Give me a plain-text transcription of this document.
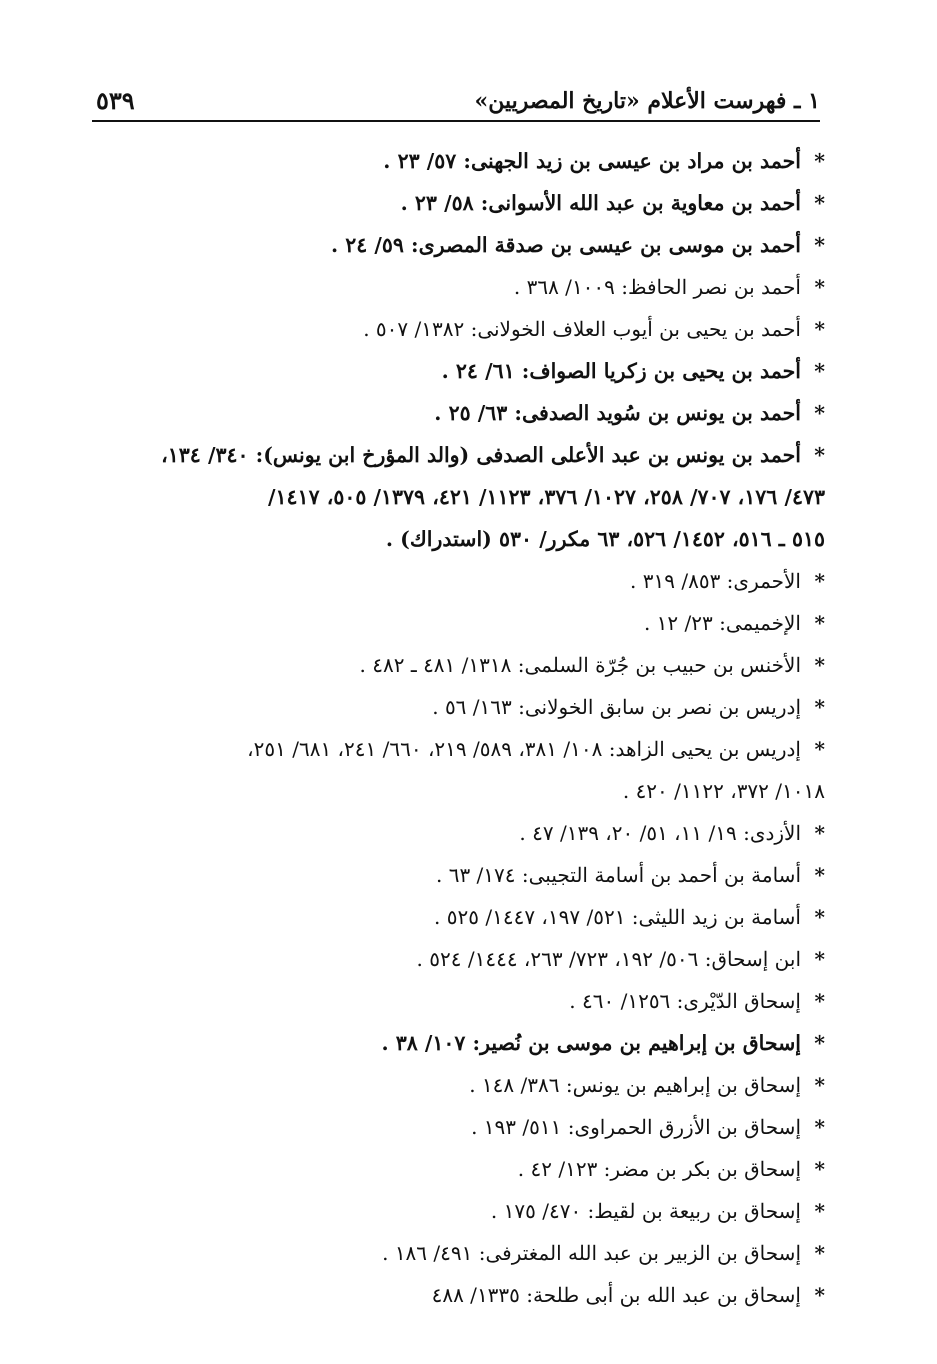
١ ـ فهرست الأعلام «تاريخ المصريين»
٥٣٩

*
أحمد بن مراد بن عيسى بن زيد الجهنى: ٥٧/ ٢٣ .

*
أحمد بن معاوية بن عبد الله الأسوانى: ٥٨/ ٢٣ .

*
أحمد بن موسى بن عيسى بن صدقة المصرى: ٥٩/ ٢٤ .

*
أحمد بن نصر الحافظ: ١٠٠٩/ ٣٦٨ .

*
أحمد بن يحيى بن أيوب العلاف الخولانى: ١٣٨٢/ ٥٠٧ .

*
أحمد بن يحيى بن زكريا الصواف: ٦١/ ٢٤ .

*
أحمد بن يونس بن سُويد الصدفى: ٦٣/ ٢٥ .

*
أحمد بن يونس بن عبد الأعلى الصدفى (والد المؤرخ ابن يونس): ٣٤٠/ ١٣٤،
٤٧٣/ ١٧٦، ٧٠٧/ ٢٥٨، ١٠٢٧/ ٣٧٦، ١١٢٣/ ٤٢١، ١٣٧٩/ ٥٠٥، ١٤١٧/
٥١٥ ـ ٥١٦، ١٤٥٢/ ٥٢٦، ٦٣ مكرر/ ٥٣٠ (استدراك) .

*
الأحمرى: ٨٥٣/ ٣١٩ .

*
الإخميمى: ٢٣/ ١٢ .

*
الأخنس بن حبيب بن جُرّة السلمى: ١٣١٨/ ٤٨١ ـ ٤٨٢ .

*
إدريس بن نصر بن سابق الخولانى: ١٦٣/ ٥٦ .

*
إدريس بن يحيى الزاهد: ١٠٨/ ٣٨١، ٥٨٩/ ٢١٩، ٦٦٠/ ٢٤١، ٦٨١/ ٢٥١،
١٠١٨/ ٣٧٢، ١١٢٢/ ٤٢٠ .

*
الأزدى: ١٩/ ١١، ٥١/ ٢٠، ١٣٩/ ٤٧ .

*
أسامة بن أحمد بن أسامة التجيبى: ١٧٤/ ٦٣ .

*
أسامة بن زيد الليثى: ٥٢١/ ١٩٧، ١٤٤٧/ ٥٢٥ .

*
ابن إسحاق: ٥٠٦/ ١٩٢، ٧٢٣/ ٢٦٣، ١٤٤٤/ ٥٢٤ .

*
إسحاق الدّيْرى: ١٢٥٦/ ٤٦٠ .

*
إسحاق بن إبراهيم بن موسى بن نُصير: ١٠٧/ ٣٨ .

*
إسحاق بن إبراهيم بن يونس: ٣٨٦/ ١٤٨ .

*
إسحاق بن الأزرق الحمراوى: ٥١١/ ١٩٣ .

*
إسحاق بن بكر بن مضر: ١٢٣/ ٤٢ .

*
إسحاق بن ربيعة بن لقيط: ٤٧٠/ ١٧٥ .

*
إسحاق بن الزبير بن عبد الله المغترفى: ٤٩١/ ١٨٦ .

*
إسحاق بن عبد الله بن أبى طلحة: ١٣٣٥/ ٤٨٨
